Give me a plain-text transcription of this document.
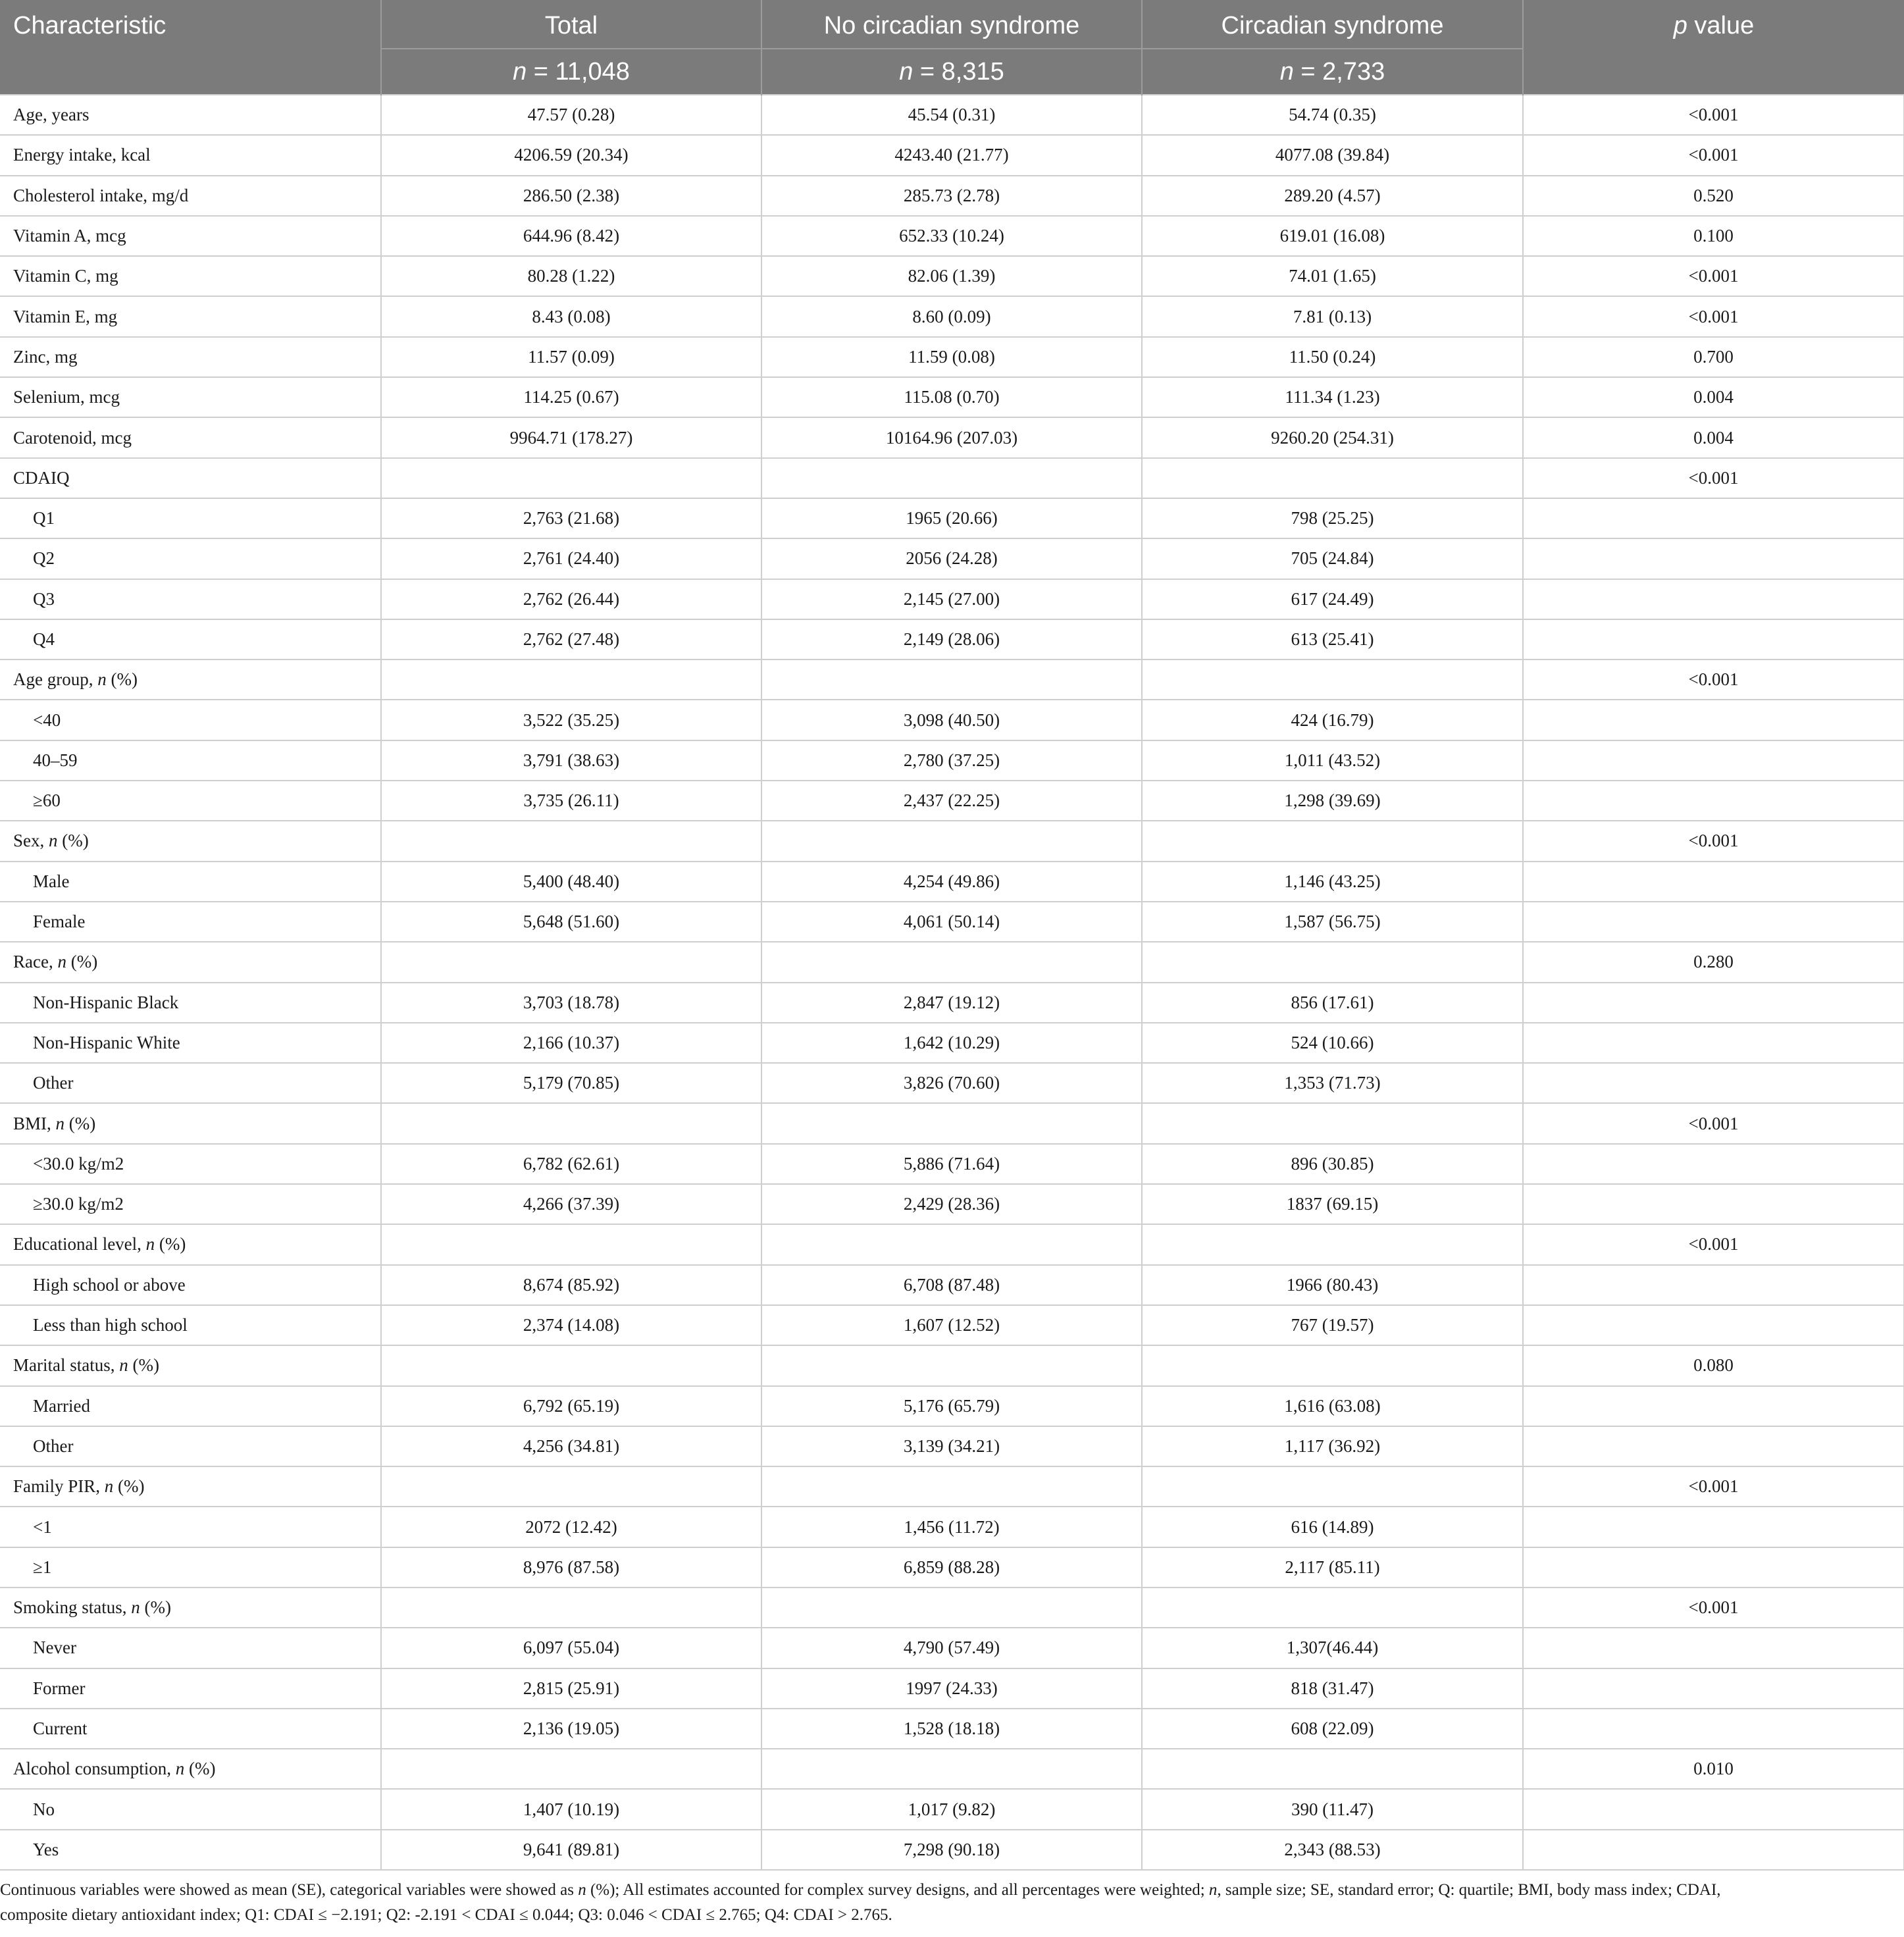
Characteristic	Total	No circadian syndrome	Circadian syndrome	p value
	n = 11,048	n = 8,315	n = 2,733	
Age, years	47.57 (0.28)	45.54 (0.31)	54.74 (0.35)	<0.001
Energy intake, kcal	4206.59 (20.34)	4243.40 (21.77)	4077.08 (39.84)	<0.001
Cholesterol intake, mg/d	286.50 (2.38)	285.73 (2.78)	289.20 (4.57)	0.520
Vitamin A, mcg	644.96 (8.42)	652.33 (10.24)	619.01 (16.08)	0.100
Vitamin C, mg	80.28 (1.22)	82.06 (1.39)	74.01 (1.65)	<0.001
Vitamin E, mg	8.43 (0.08)	8.60 (0.09)	7.81 (0.13)	<0.001
Zinc, mg	11.57 (0.09)	11.59 (0.08)	11.50 (0.24)	0.700
Selenium, mcg	114.25 (0.67)	115.08 (0.70)	111.34 (1.23)	0.004
Carotenoid, mcg	9964.71 (178.27)	10164.96 (207.03)	9260.20 (254.31)	0.004
CDAIQ				<0.001
Q1	2,763 (21.68)	1965 (20.66)	798 (25.25)	
Q2	2,761 (24.40)	2056 (24.28)	705 (24.84)	
Q3	2,762 (26.44)	2,145 (27.00)	617 (24.49)	
Q4	2,762 (27.48)	2,149 (28.06)	613 (25.41)	
Age group, n (%)				<0.001
<40	3,522 (35.25)	3,098 (40.50)	424 (16.79)	
40–59	3,791 (38.63)	2,780 (37.25)	1,011 (43.52)	
≥60	3,735 (26.11)	2,437 (22.25)	1,298 (39.69)	
Sex, n (%)				<0.001
Male	5,400 (48.40)	4,254 (49.86)	1,146 (43.25)	
Female	5,648 (51.60)	4,061 (50.14)	1,587 (56.75)	
Race, n (%)				0.280
Non-Hispanic Black	3,703 (18.78)	2,847 (19.12)	856 (17.61)	
Non-Hispanic White	2,166 (10.37)	1,642 (10.29)	524 (10.66)	
Other	5,179 (70.85)	3,826 (70.60)	1,353 (71.73)	
BMI, n (%)				<0.001
<30.0 kg/m2	6,782 (62.61)	5,886 (71.64)	896 (30.85)	
≥30.0 kg/m2	4,266 (37.39)	2,429 (28.36)	1837 (69.15)	
Educational level, n (%)				<0.001
High school or above	8,674 (85.92)	6,708 (87.48)	1966 (80.43)	
Less than high school	2,374 (14.08)	1,607 (12.52)	767 (19.57)	
Marital status, n (%)				0.080
Married	6,792 (65.19)	5,176 (65.79)	1,616 (63.08)	
Other	4,256 (34.81)	3,139 (34.21)	1,117 (36.92)	
Family PIR, n (%)				<0.001
<1	2072 (12.42)	1,456 (11.72)	616 (14.89)	
≥1	8,976 (87.58)	6,859 (88.28)	2,117 (85.11)	
Smoking status, n (%)				<0.001
Never	6,097 (55.04)	4,790 (57.49)	1,307(46.44)	
Former	2,815 (25.91)	1997 (24.33)	818 (31.47)	
Current	2,136 (19.05)	1,528 (18.18)	608 (22.09)	
Alcohol consumption, n (%)				0.010
No	1,407 (10.19)	1,017 (9.82)	390 (11.47)	
Yes	9,641 (89.81)	7,298 (90.18)	2,343 (88.53)	

Continuous variables were showed as mean (SE), categorical variables were showed as n (%); All estimates accounted for complex survey designs, and all percentages were weighted; n, sample size; SE, standard error; Q: quartile; BMI, body mass index; CDAI,
composite dietary antioxidant index; Q1: CDAI ≤ −2.191; Q2: -2.191 < CDAI ≤ 0.044; Q3: 0.046 < CDAI ≤ 2.765; Q4: CDAI > 2.765.
